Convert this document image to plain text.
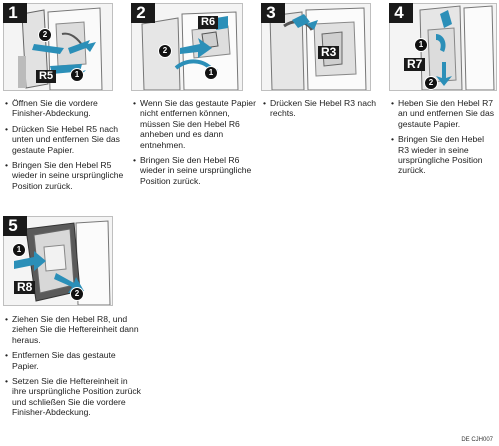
R5
2
1
1
• Öffnen Sie die vordere Finisher-Abdeckung.
• Drücken Sie Hebel R5 nach unten und entfernen Sie das gestaute Papier.
• Bringen Sie den Hebel R5 wieder in seine ursprüngliche Position zurück.
R6
2
1
2
• Wenn Sie das gestaute Papier nicht entfernen können, müssen Sie den Hebel R6 anheben und es dann entnehmen.
• Bringen Sie den Hebel R6 wieder in seine ursprüngliche Position zurück.
R3
3
• Drücken Sie Hebel R3 nach rechts.
R7
1
2
4
• Heben Sie den Hebel R7 an und entfernen Sie das gestaute Papier.
• Bringen Sie den Hebel R3 wieder in seine ursprüngliche Position zurück.
R8
1
2
5
• Ziehen Sie den Hebel R8, und ziehen Sie die Heftereinheit dann heraus.
• Entfernen Sie das gestaute Papier.
• Setzen Sie die Heftereinheit in ihre ursprüngliche Position zurück und schließen Sie die vordere Finisher-Abdeckung.
DE CJH007
